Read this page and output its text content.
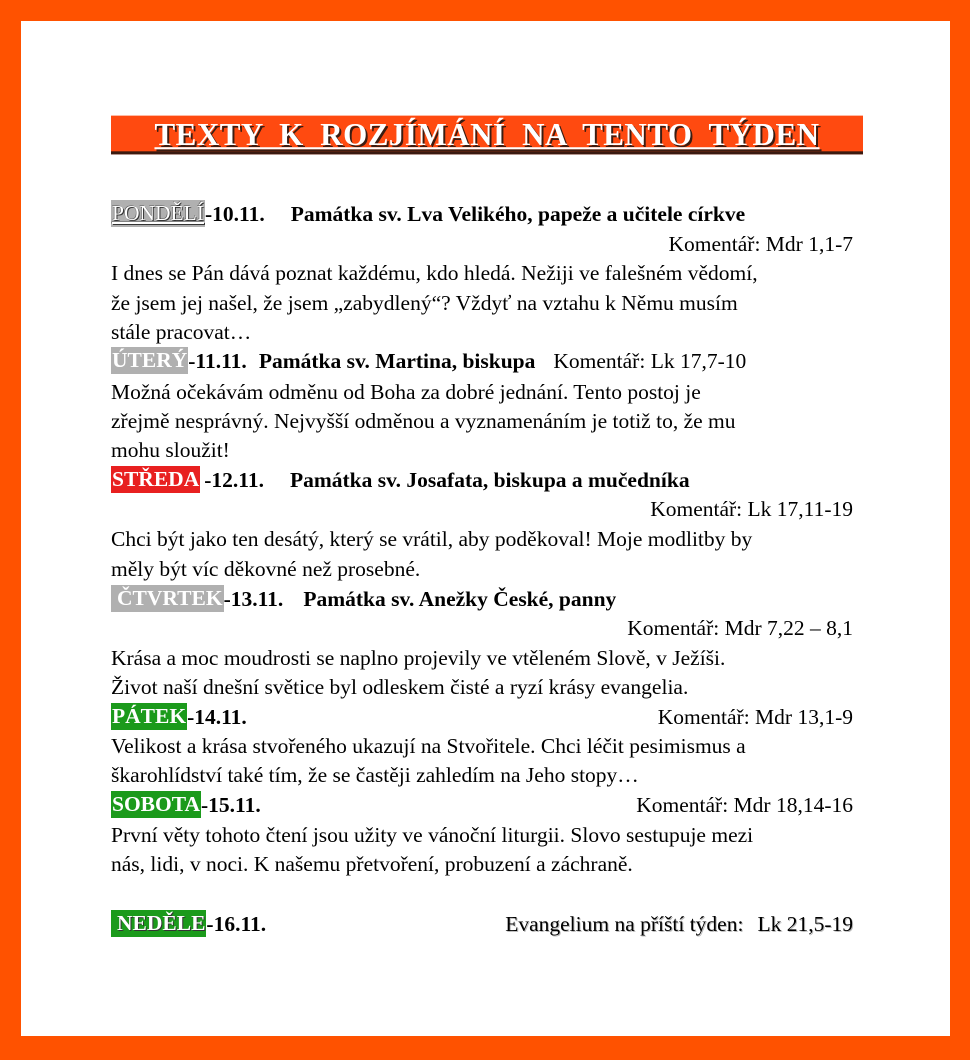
TEXTY  K  ROZJÍMÁNÍ  NA  TENTO  TÝDEN
PONDĚLÍ-10.11. Památka sv. Lva Velikého, papeže a učitele církve
Komentář: Mdr 1,1-7
I dnes se Pán dává poznat každému, kdo hledá. Nežiji ve falešném vědomí,
že jsem jej našel, že jsem „zabydlený“? Vždyť na vztahu k Němu musím
stále pracovat…
ÚTERÝ-11.11. Památka sv. Martina, biskupa Komentář: Lk 17,7-10
Možná očekávám odměnu od Boha za dobré jednání. Tento postoj je
zřejmě nesprávný. Nejvyšší odměnou a vyznamenáním je totiž to, že mu
mohu sloužit!
STŘEDA -12.11. Památka sv. Josafata, biskupa a mučedníka
Komentář: Lk 17,11-19
Chci být jako ten desátý, který se vrátil, aby poděkoval! Moje modlitby by
měly být víc děkovné než prosebné.
ČTVRTEK-13.11. Památka sv. Anežky České, panny
Komentář: Mdr 7,22 – 8,1
Krása a moc moudrosti se naplno projevily ve vtěleném Slově, v Ježíši.
Život naší dnešní světice byl odleskem čisté a ryzí krásy evangelia.
PÁTEK-14.11.	Komentář: Mdr 13,1-9
Velikost a krása stvořeného ukazují na Stvořitele. Chci léčit pesimismus a
škarohlídství také tím, že se častěji zahledím na Jeho stopy…
SOBOTA-15.11.	Komentář: Mdr 18,14-16
První věty tohoto čtení jsou užity ve vánoční liturgii. Slovo sestupuje mezi
nás, lidi, v noci. K našemu přetvoření, probuzení a záchraně.
NEDĚLE-16.11.	Evangelium na příští týden: Lk 21,5-19
